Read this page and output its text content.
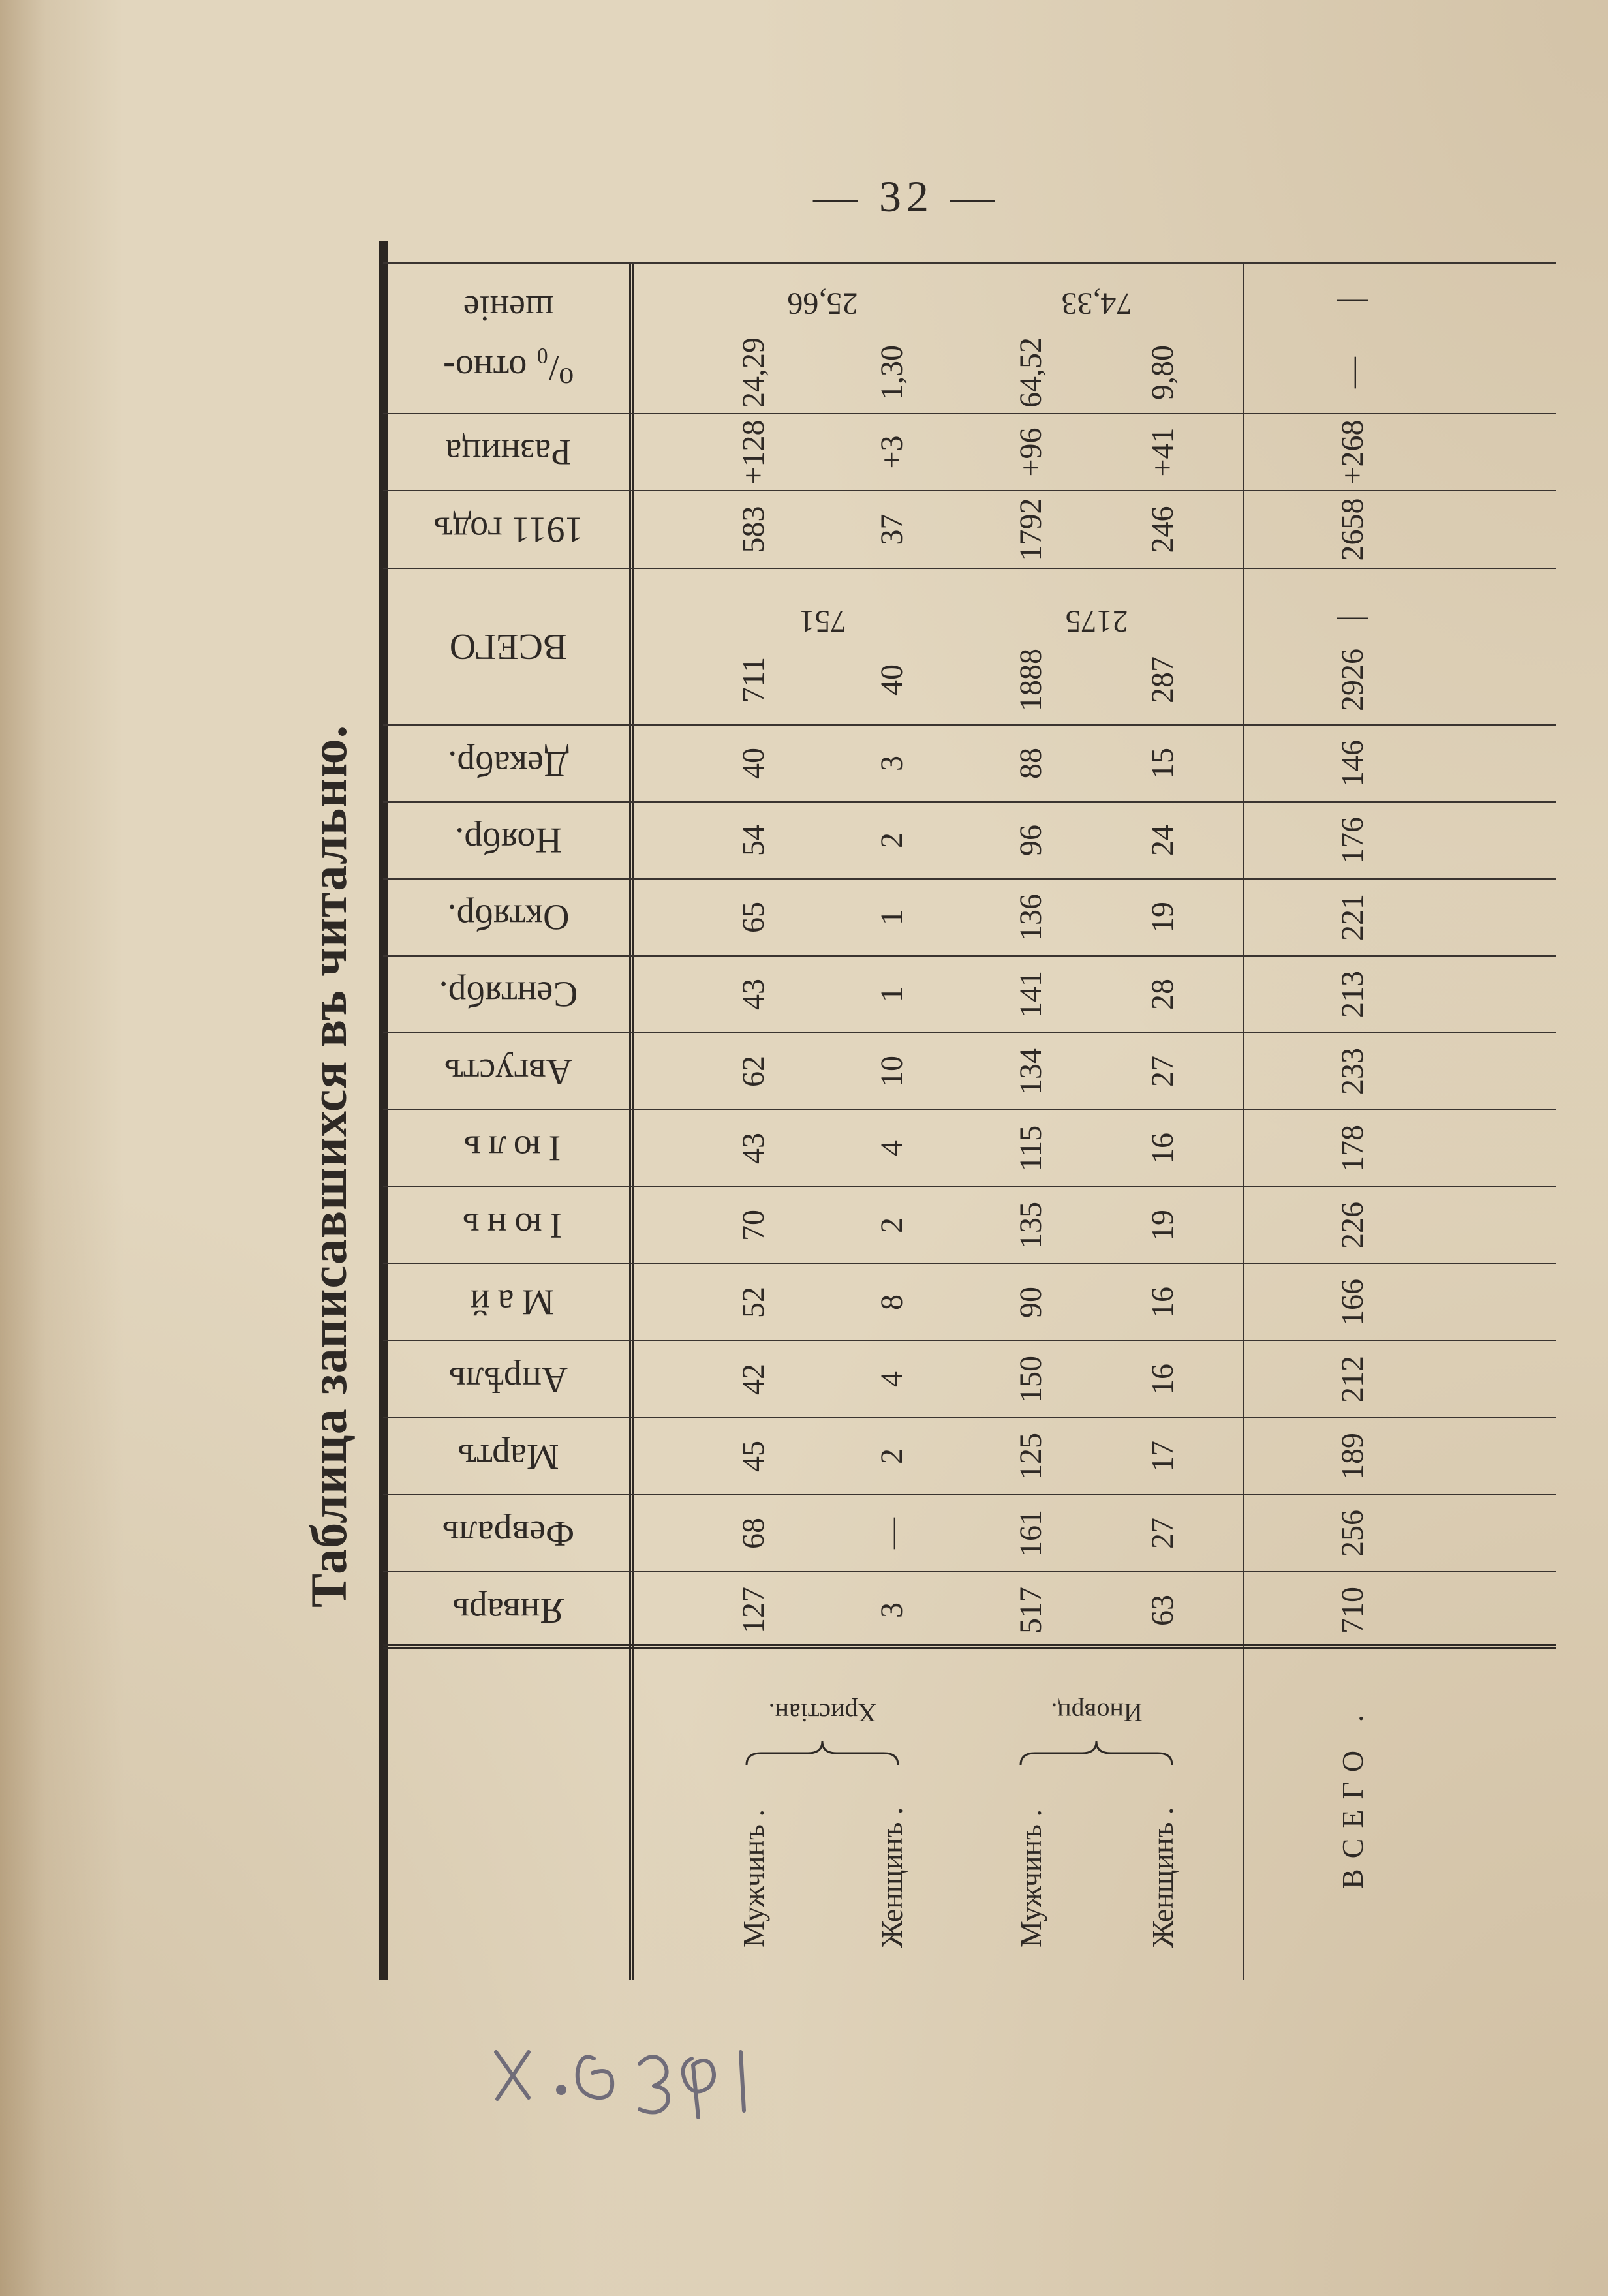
— 32 —
Таблица записавшихся въ читальню.
⁰/₀ отно-
шеніе
Январь
Февраль
Мартъ
Апрѣль
Май
Іюнь
Іюль
Августъ
Сентябр.
Октябр.
Ноябр.
Декабр.
ВСЕГО
1911 годъ
Разница
Мужчинъ .
127
68
45
42
52
70
43
62
43
65
54
40
711
583
+128
24,29
Женщинъ .
3
—
2
4
8
2
4
10
1
1
2
3
40
37
+3
1,30
Христіан.
751
25,66
Мужчинъ .
517
161
125
150
90
135
115
134
141
136
96
88
1888
1792
+96
64,52
Женщинъ .
63
27
17
16
16
19
16
27
28
19
24
15
287
246
+41
9,80
Иноврц.
2175
74,33
ВСЕГО .
710
256
189
212
166
226
178
233
213
221
176
146
2926
2658
+268
—
—
—
